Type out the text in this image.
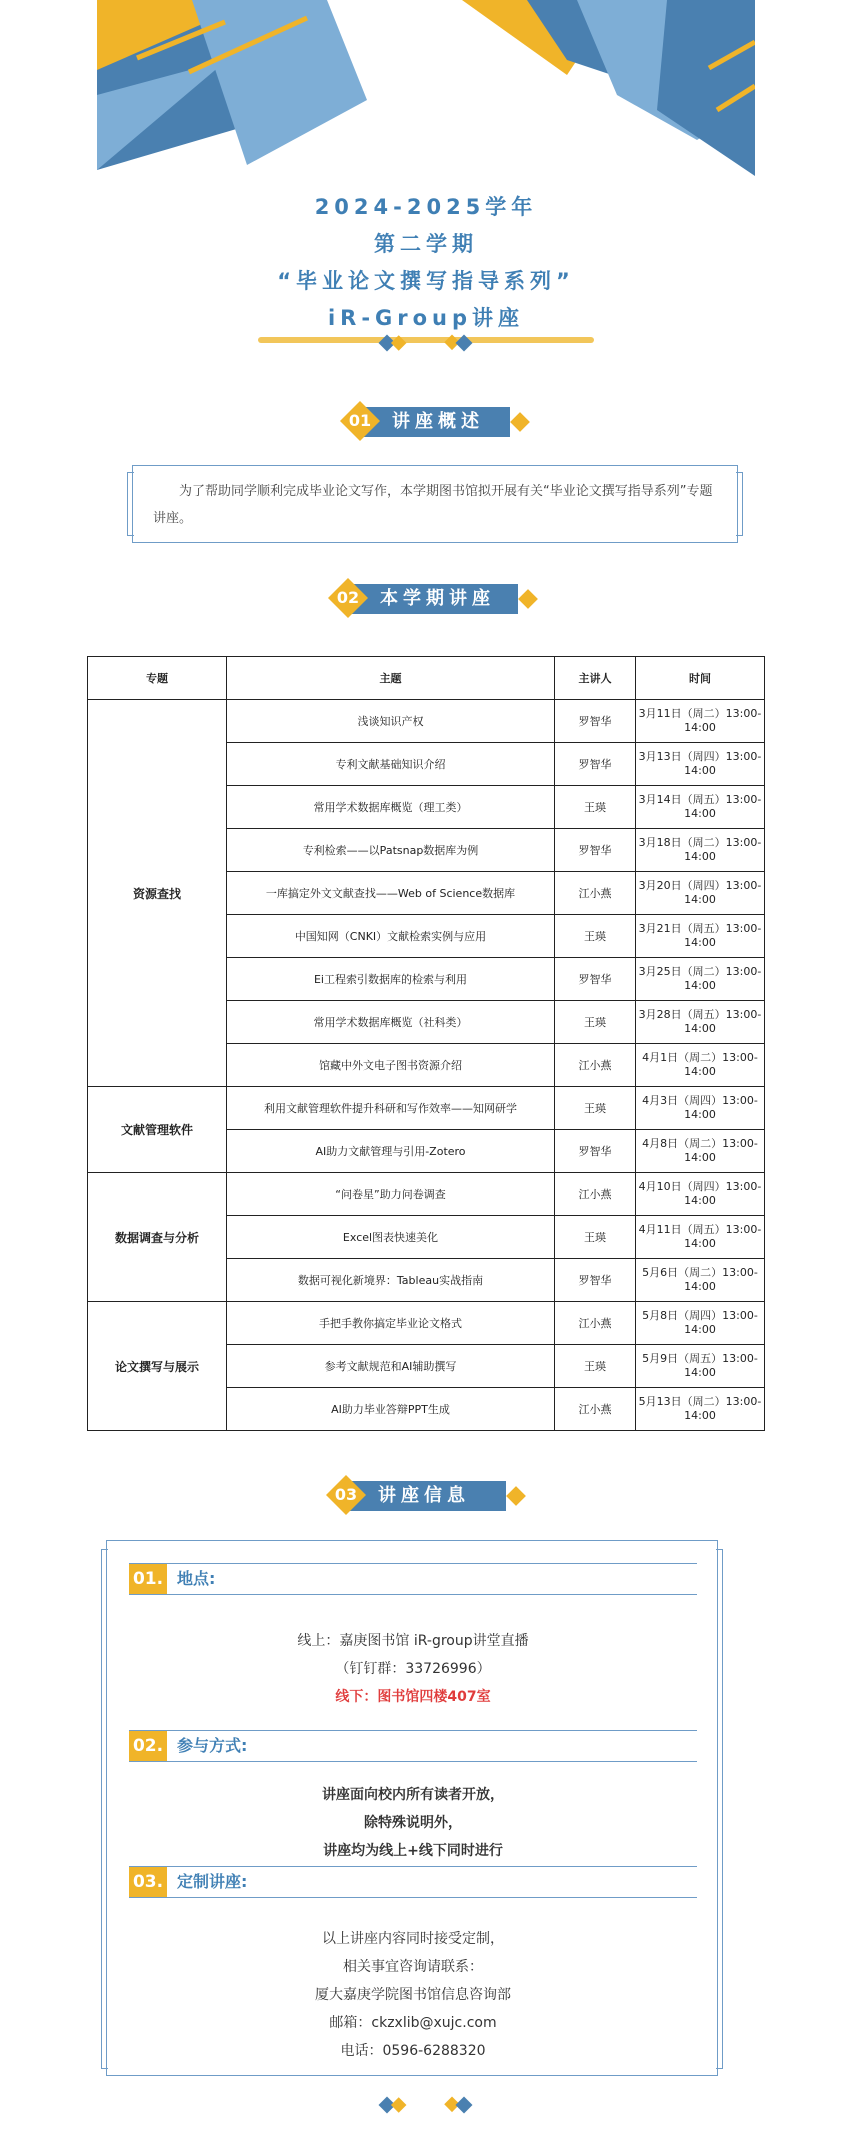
2024-2025学年
第二学期
“毕业论文撰写指导系列”
iR-Group讲座
讲座概述
01
为了帮助同学顺利完成毕业论文写作，本学期图书馆拟开展有关“毕业论文撰写指导系列”专题讲座。
本学期讲座
02
专题	主题	主讲人	时间
资源查找	浅谈知识产权	罗智华	3月11日（周二）13:00-14:00
	专利文献基础知识介绍	罗智华	3月13日（周四）13:00-14:00
	常用学术数据库概览（理工类）	王瑛	3月14日（周五）13:00-14:00
	专利检索——以Patsnap数据库为例	罗智华	3月18日（周二）13:00-14:00
	一库搞定外文文献查找——Web of Science数据库	江小燕	3月20日（周四）13:00-14:00
	中国知网（CNKI）文献检索实例与应用	王瑛	3月21日（周五）13:00-14:00
	Ei工程索引数据库的检索与利用	罗智华	3月25日（周二）13:00-14:00
	常用学术数据库概览（社科类）	王瑛	3月28日（周五）13:00-14:00
	馆藏中外文电子图书资源介绍	江小燕	4月1日（周二）13:00-14:00
文献管理软件	利用文献管理软件提升科研和写作效率——知网研学	王瑛	4月3日（周四）13:00-14:00
	AI助力文献管理与引用-Zotero	罗智华	4月8日（周二）13:00-14:00
数据调查与分析	“问卷星”助力问卷调查	江小燕	4月10日（周四）13:00-14:00
	Excel图表快速美化	王瑛	4月11日（周五）13:00-14:00
	数据可视化新境界：Tableau实战指南	罗智华	5月6日（周二）13:00-14:00
论文撰写与展示	手把手教你搞定毕业论文格式	江小燕	5月8日（周四）13:00-14:00
	参考文献规范和AI辅助撰写	王瑛	5月9日（周五）13:00-14:00
	AI助力毕业答辩PPT生成	江小燕	5月13日（周二）13:00-14:00
讲座信息
03
01. 地点:
线上：嘉庚图书馆 iR-group讲堂直播
（钉钉群：33726996）
线下：图书馆四楼407室
02. 参与方式:
讲座面向校内所有读者开放，
除特殊说明外，
讲座均为线上+线下同时进行
03. 定制讲座:
以上讲座内容同时接受定制，
相关事宜咨询请联系：
厦大嘉庚学院图书馆信息咨询部
邮箱：ckzxlib@xujc.com
电话：0596-6288320
